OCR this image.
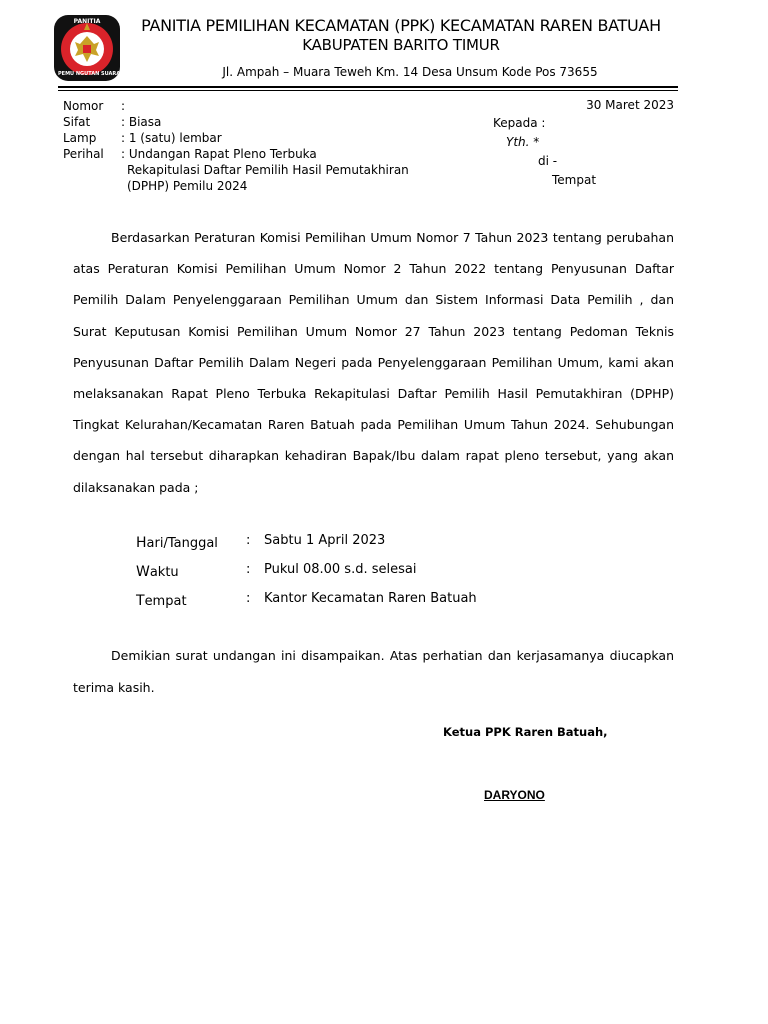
PANITIA
PEMU NGUTAN SUARA
PANITIA PEMILIHAN KECAMATAN (PPK) KECAMATAN RAREN BATUAH
KABUPATEN BARITO TIMUR
Jl. Ampah – Muara Teweh Km. 14 Desa Unsum Kode Pos 73655
Nomor	:
Sifat	: Biasa
Lamp	: 1 (satu) lembar
Perihal	: Undangan Rapat Pleno Terbuka
Rekapitulasi Daftar Pemilih Hasil Pemutakhiran
(DPHP) Pemilu 2024
30 Maret 2023
Kepada :
Yth. *
di -
Tempat
Berdasarkan Peraturan Komisi Pemilihan Umum Nomor 7 Tahun 2023 tentang perubahan atas Peraturan Komisi Pemilihan Umum Nomor 2 Tahun 2022 tentang Penyusunan Daftar Pemilih Dalam Penyelenggaraan Pemilihan Umum dan Sistem Informasi Data Pemilih , dan Surat Keputusan Komisi Pemilihan Umum Nomor 27 Tahun 2023 tentang Pedoman Teknis Penyusunan Daftar Pemilih Dalam Negeri pada Penyelenggaraan Pemilihan Umum, kami akan melaksanakan Rapat Pleno Terbuka Rekapitulasi Daftar Pemilih Hasil Pemutakhiran (DPHP) Tingkat Kelurahan/Kecamatan Raren Batuah pada Pemilihan Umum Tahun 2024. Sehubungan dengan hal tersebut diharapkan kehadiran Bapak/Ibu dalam rapat pleno tersebut, yang akan dilaksanakan pada ;
Hari/Tanggal : Sabtu 1 April 2023
Waktu	: Pukul 08.00 s.d. selesai
Tempat	: Kantor Kecamatan Raren Batuah
Demikian surat undangan ini disampaikan. Atas perhatian dan kerjasamanya diucapkan terima kasih.
Ketua PPK Raren Batuah,
DARYONO
